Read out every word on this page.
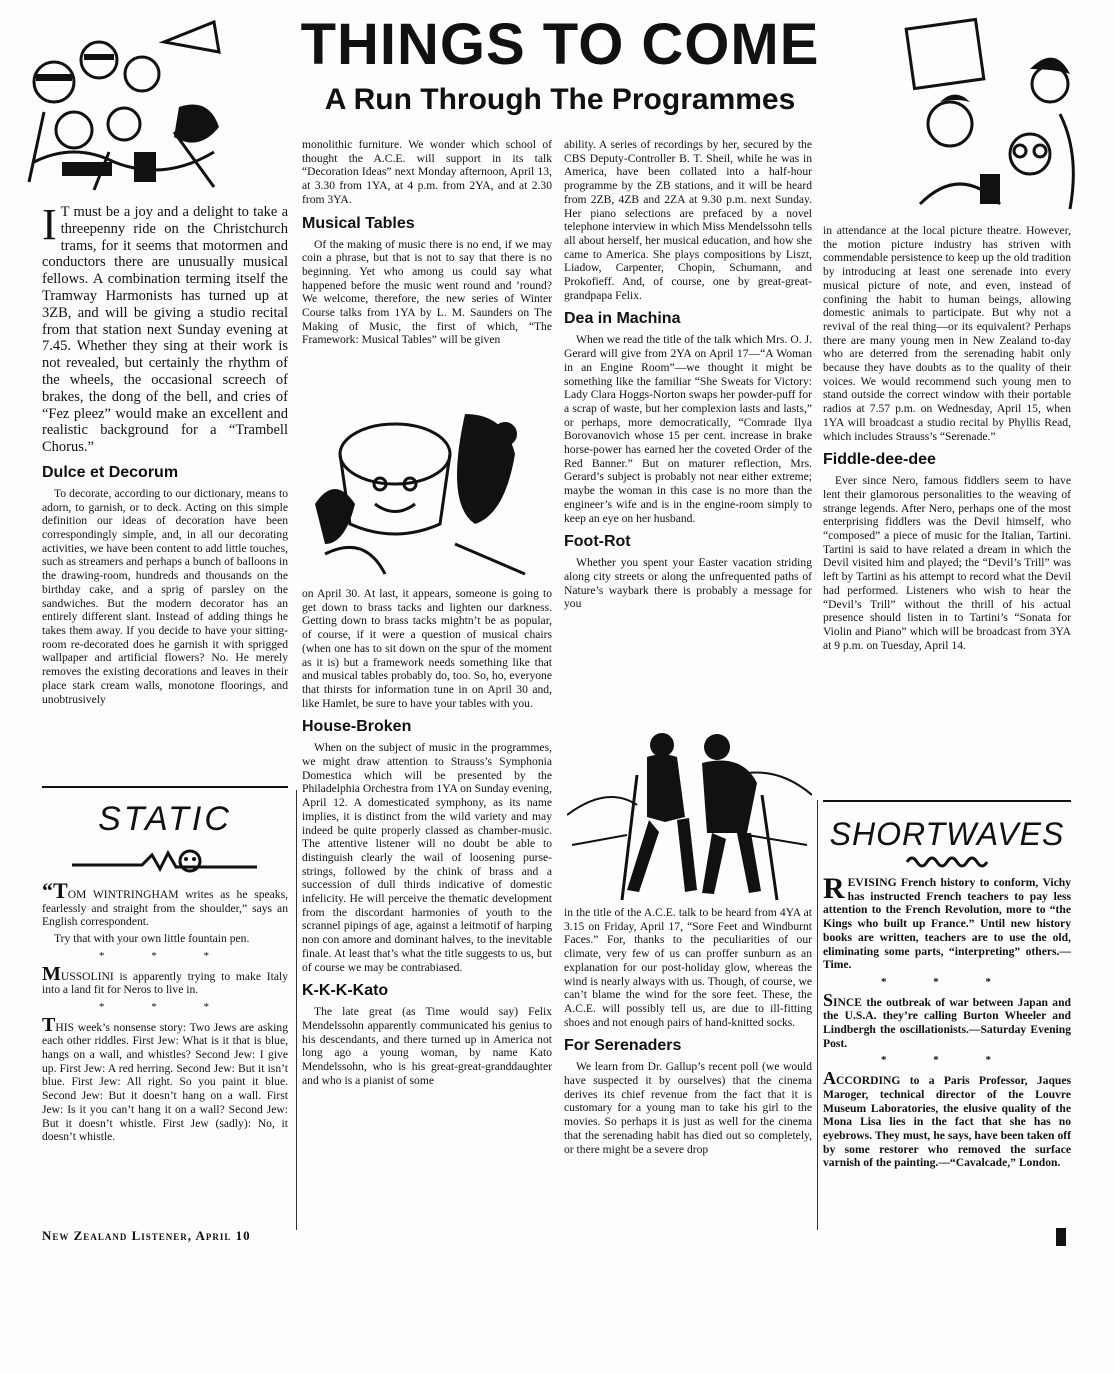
THINGS TO COME
A Run Through The Programmes

I T must be a joy and a delight to take a threepenny ride on the Christchurch trams, for it seems that motormen and conductors there are unusually musical fellows. A combination terming itself the Tramway Harmonists has turned up at 3ZB, and will be giving a studio recital from that station next Sunday evening at 7.45. Whether they sing at their work is not revealed, but certainly the rhythm of the wheels, the occasional screech of brakes, the dong of the bell, and cries of “Fez pleez” would make an excellent and realistic background for a “Trambell Chorus.”

Dulce et Decorum

To decorate, according to our dictionary, means to adorn, to garnish, or to deck. Acting on this simple definition our ideas of decoration have been correspondingly simple, and, in all our decorating activities, we have been content to add little touches, such as streamers and perhaps a bunch of balloons in the drawing-room, hundreds and thousands on the birthday cake, and a sprig of parsley on the sandwiches. But the modern decorator has an entirely different slant. Instead of adding things he takes them away. If you decide to have your sitting-room re-decorated does he garnish it with sprigged wallpaper and artificial flowers? No. He merely removes the existing decorations and leaves in their place stark cream walls, monotone floorings, and unobtrusively

STATIC

“TOM WINTRINGHAM writes as he speaks, fearlessly and straight from the shoulder,” says an English correspondent.

Try that with your own little fountain pen.

* * *

MUSSOLINI is apparently trying to make Italy into a land fit for Neros to live in.

* * *

THIS week’s nonsense story: Two Jews are asking each other riddles. First Jew: What is it that is blue, hangs on a wall, and whistles? Second Jew: I give up. First Jew: A red herring. Second Jew: But it isn’t blue. First Jew: All right. So you paint it blue. Second Jew: But it doesn’t hang on a wall. First Jew: Is it you can’t hang it on a wall? Second Jew: But it doesn’t whistle. First Jew (sadly): No, it doesn’t whistle.

monolithic furniture. We wonder which school of thought the A.C.E. will support in its talk “Decoration Ideas” next Monday afternoon, April 13, at 3.30 from 1YA, at 4 p.m. from 2YA, and at 2.30 from 3YA.

Musical Tables

Of the making of music there is no end, if we may coin a phrase, but that is not to say that there is no beginning. Yet who among us could say what happened before the music went round and ’round? We welcome, therefore, the new series of Winter Course talks from 1YA by L. M. Saunders on The Making of Music, the first of which, “The Framework: Musical Tables” will be given

on April 30. At last, it appears, someone is going to get down to brass tacks and lighten our darkness. Getting down to brass tacks mightn’t be as popular, of course, if it were a question of musical chairs (when one has to sit down on the spur of the moment as it is) but a framework needs something like that and musical tables probably do, too. So, ho, everyone that thirsts for information tune in on April 30 and, like Hamlet, be sure to have your tables with you.

House-Broken

When on the subject of music in the programmes, we might draw attention to Strauss’s Symphonia Domestica which will be presented by the Philadelphia Orchestra from 1YA on Sunday evening, April 12. A domesticated symphony, as its name implies, it is distinct from the wild variety and may indeed be quite properly classed as chamber-music. The attentive listener will no doubt be able to distinguish clearly the wail of loosening purse-strings, followed by the chink of brass and a succession of dull thirds indicative of domestic infelicity. He will perceive the thematic development from the discordant harmonies of youth to the scrannel pipings of age, against a leitmotif of harping non con amore and dominant halves, to the inevitable finale. At least that’s what the title suggests to us, but of course we may be contrabiased.

K-K-K-Kato

The late great (as Time would say) Felix Mendelssohn apparently communicated his genius to his descendants, and there turned up in America not long ago a young woman, by name Kato Mendelssohn, who is his great-great-granddaughter and who is a pianist of some

ability. A series of recordings by her, secured by the CBS Deputy-Controller B. T. Sheil, while he was in America, have been collated into a half-hour programme by the ZB stations, and it will be heard from 2ZB, 4ZB and 2ZA at 9.30 p.m. next Sunday. Her piano selections are prefaced by a novel telephone interview in which Miss Mendelssohn tells all about herself, her musical education, and how she came to America. She plays compositions by Liszt, Liadow, Carpenter, Chopin, Schumann, and Prokofieff. And, of course, one by great-great-grandpapa Felix.

Dea in Machina

When we read the title of the talk which Mrs. O. J. Gerard will give from 2YA on April 17—“A Woman in an Engine Room”—we thought it might be something like the familiar “She Sweats for Victory: Lady Clara Hoggs-Norton swaps her powder-puff for a scrap of waste, but her complexion lasts and lasts,” or perhaps, more democratically, “Comrade Ilya Borovanovich whose 15 per cent. increase in brake horse-power has earned her the coveted Order of the Red Banner.” But on maturer reflection, Mrs. Gerard’s subject is probably not near either extreme; maybe the woman in this case is no more than the engineer’s wife and is in the engine-room simply to keep an eye on her husband.

Foot-Rot

Whether you spent your Easter vacation striding along city streets or along the unfrequented paths of Nature’s waybark there is probably a message for you

in the title of the A.C.E. talk to be heard from 4YA at 3.15 on Friday, April 17, “Sore Feet and Windburnt Faces.” For, thanks to the peculiarities of our climate, very few of us can proffer sunburn as an explanation for our post-holiday glow, whereas the wind is nearly always with us. Though, of course, we can’t blame the wind for the sore feet. These, the A.C.E. will possibly tell us, are due to ill-fitting shoes and not enough pairs of hand-knitted socks.

For Serenaders

We learn from Dr. Gallup’s recent poll (we would have suspected it by ourselves) that the cinema derives its chief revenue from the fact that it is customary for a young man to take his girl to the movies. So perhaps it is just as well for the cinema that the serenading habit has died out so completely, or there might be a severe drop

in attendance at the local picture theatre. However, the motion picture industry has striven with commendable persistence to keep up the old tradition by introducing at least one serenade into every musical picture of note, and even, instead of confining the habit to human beings, allowing domestic animals to participate. But why not a revival of the real thing—or its equivalent? Perhaps there are many young men in New Zealand to-day who are deterred from the serenading habit only because they have doubts as to the quality of their voices. We would recommend such young men to stand outside the correct window with their portable radios at 7.57 p.m. on Wednesday, April 15, when 1YA will broadcast a studio recital by Phyllis Read, which includes Strauss’s “Serenade.”

Fiddle-dee-dee

Ever since Nero, famous fiddlers seem to have lent their glamorous personalities to the weaving of strange legends. After Nero, perhaps one of the most enterprising fiddlers was the Devil himself, who “composed” a piece of music for the Italian, Tartini. Tartini is said to have related a dream in which the Devil visited him and played; the “Devil’s Trill” was left by Tartini as his attempt to record what the Devil had performed. Listeners who wish to hear the “Devil’s Trill” without the thrill of his actual presence should listen in to Tartini’s “Sonata for Violin and Piano” which will be broadcast from 3YA at 9 p.m. on Tuesday, April 14.

SHORTWAVES

REVISING French history to conform, Vichy has instructed French teachers to pay less attention to the French Revolution, more to “the Kings who built up France.” Until new history books are written, teachers are to use the old, eliminating some parts, “interpreting” others.—Time.

* * *

SINCE the outbreak of war between Japan and the U.S.A. they’re calling Burton Wheeler and Lindbergh the oscillationists.—Saturday Evening Post.

* * *

ACCORDING to a Paris Professor, Jaques Maroger, technical director of the Louvre Museum Laboratories, the elusive quality of the Mona Lisa lies in the fact that she has no eyebrows. They must, he says, have been taken off by some restorer who removed the surface varnish of the painting.—“Cavalcade,” London.

New Zealand Listener, April 10
